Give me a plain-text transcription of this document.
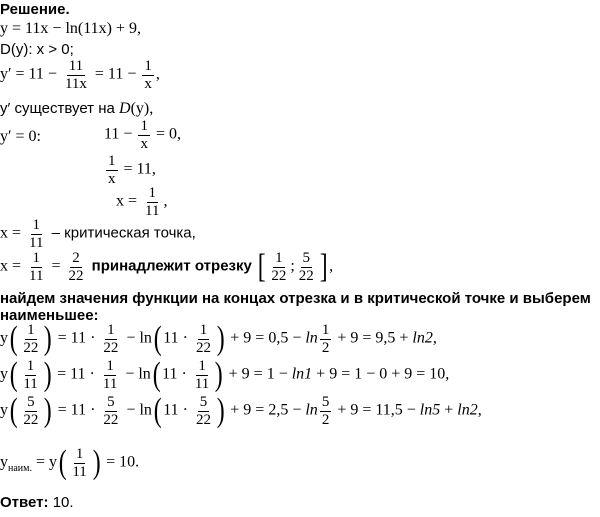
Решение.
y = 11x − ln(11x) + 9,
D(y): x > 0;
$y' = 11 - \frac{11}{11x} = 11 - \frac{1}{x}$ ,
y′ существует на D(y),
y′ = 0:	$11 - \frac{1}{x} = 0$,
$\frac{1}{x} = 11$,
$x = \frac{1}{11}$ ,
$x = \frac{1}{11}$ – критическая точка,
$x = \frac{1}{11} = \frac{2}{22}$ принадлежит отрезку [ $\frac{1}{22}$ ; $\frac{5}{22}$ ] ,
найдем значения функции на концах отрезка и в критической точке и выберем
наименьшее:
$y( \frac{1}{22}$ ) = $11 \cdot \frac{1}{22} - \ln$( $11 \cdot \frac{1}{22}$ ) + $9 = 0,5 - \ln \frac{1}{2} + 9 = 9,5 + \ln 2$,
$y( \frac{1}{11}$ ) = $11 \cdot \frac{1}{11} - \ln$( $11 \cdot \frac{1}{11}$ ) + 9 = 1 − ln1 + 9 = 1 − 0 + 9 = 10,
$y( \frac{5}{22}$ ) = $11 \cdot \frac{5}{22} - \ln$( $11 \cdot \frac{5}{22}$ ) + $9 = 2,5 - \ln \frac{5}{2} + 9 = 11,5 - \ln 5 + \ln 2$,
$y_{наим.} = y( \frac{1}{11}$ ) = 10.
Ответ: 10.
